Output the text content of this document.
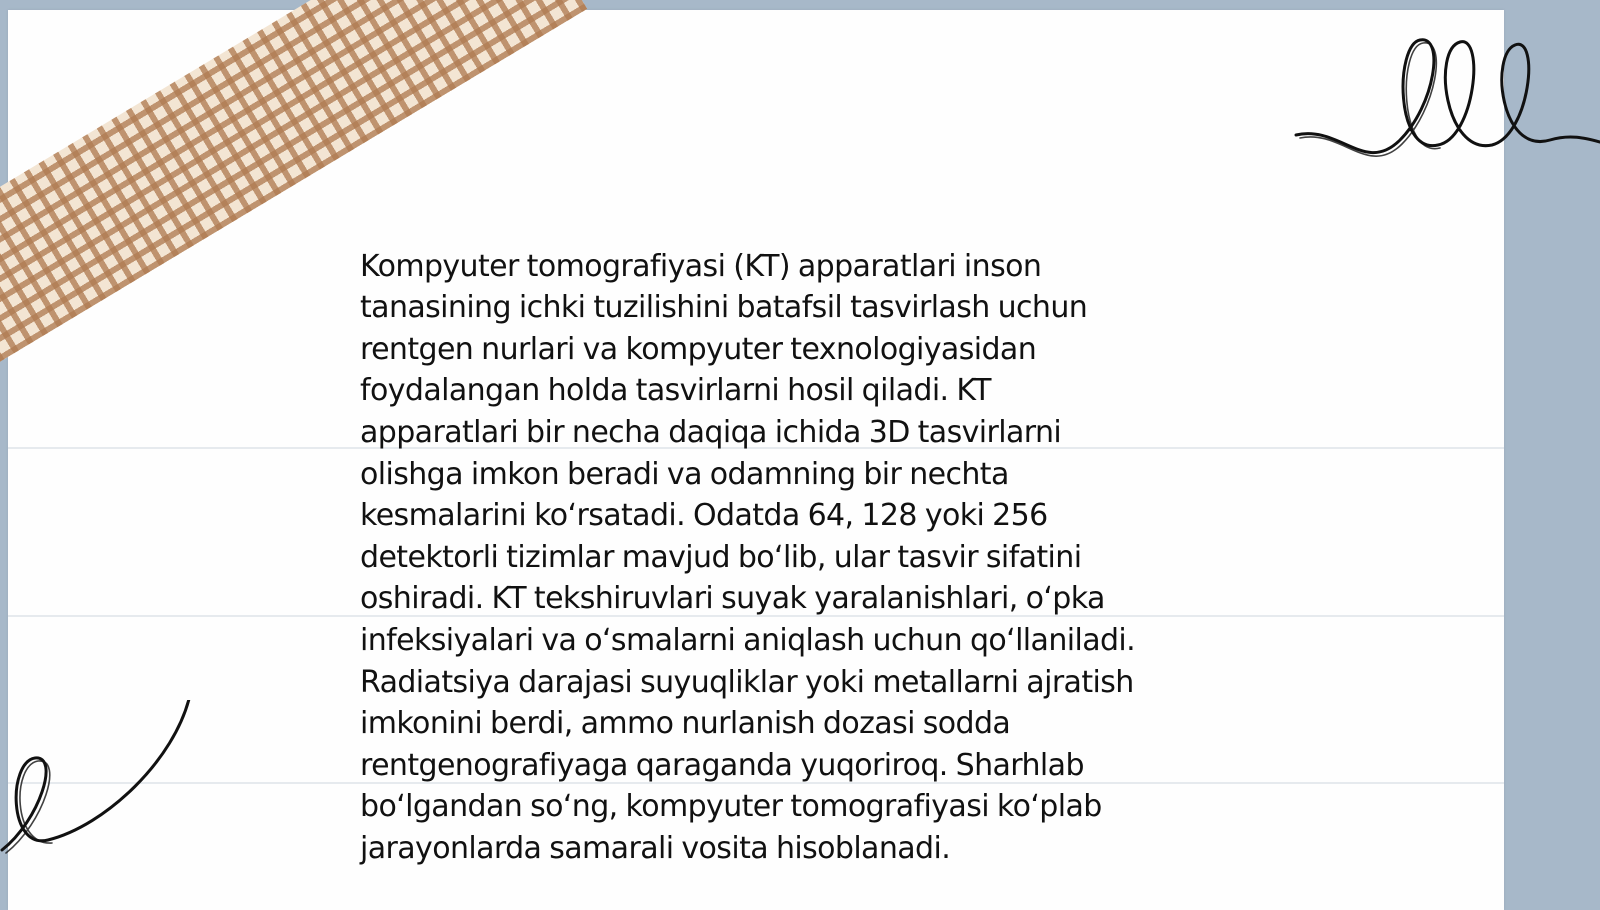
Kompyuter tomografiyasi (KT) apparatlari inson
tanasining ichki tuzilishini batafsil tasvirlash uchun
rentgen nurlari va kompyuter texnologiyasidan
foydalangan holda tasvirlarni hosil qiladi. KT
apparatlari bir necha daqiqa ichida 3D tasvirlarni
olishga imkon beradi va odamning bir nechta
kesmalarini koʻrsatadi. Odatda 64, 128 yoki 256
detektorli tizimlar mavjud boʻlib, ular tasvir sifatini
oshiradi. KT tekshiruvlari suyak yaralanishlari, oʻpka
infeksiyalari va oʻsmalarni aniqlash uchun qoʻllaniladi.
Radiatsiya darajasi suyuqliklar yoki metallarni ajratish
imkonini berdi, ammo nurlanish dozasi sodda
rentgenografiyaga qaraganda yuqoriroq. Sharhlab
boʻlgandan soʻng, kompyuter tomografiyasi koʻplab
jarayonlarda samarali vosita hisoblanadi.
